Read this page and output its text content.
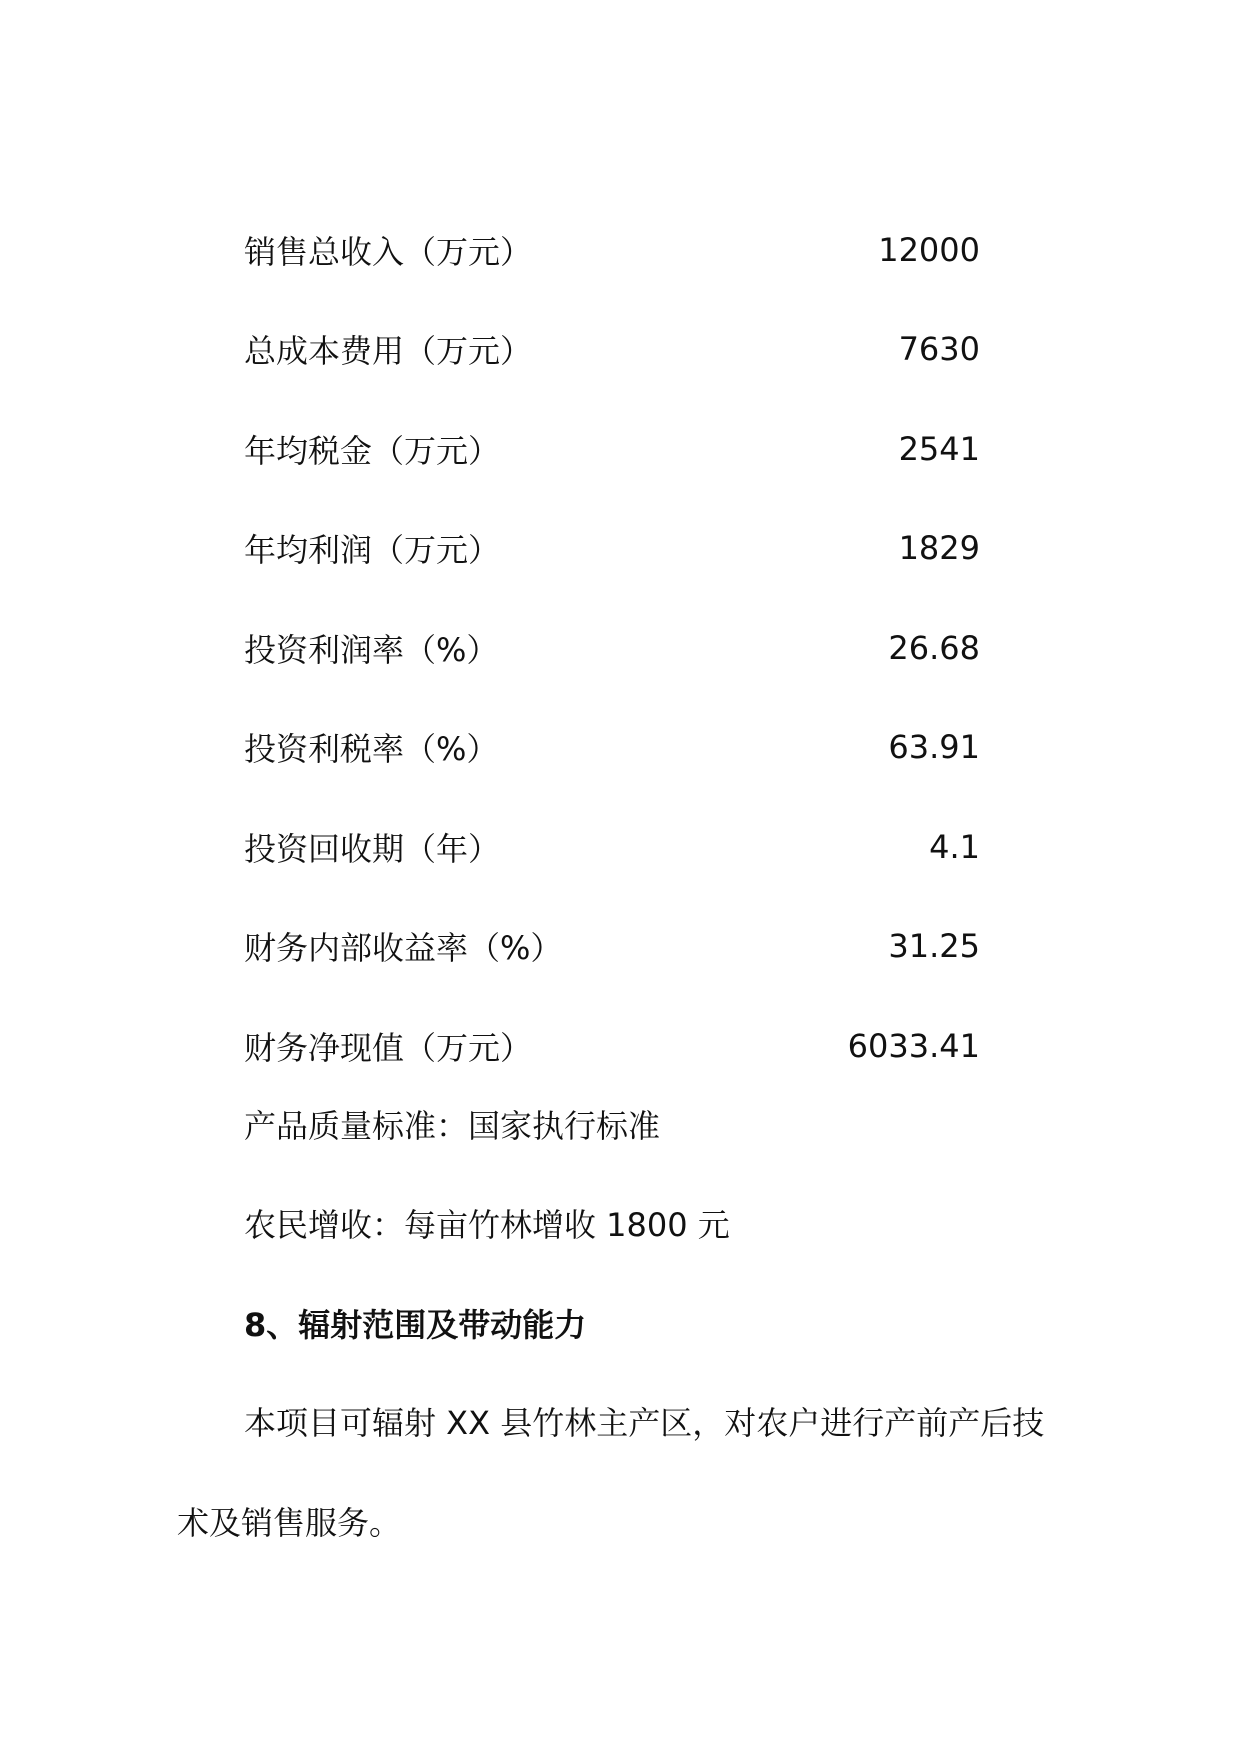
销售总收入（万元）	12000
总成本费用（万元）	7630
年均税金（万元）	2541
年均利润（万元）	1829
投资利润率（%）	26.68
投资利税率（%）	63.91
投资回收期（年）	4.1
财务内部收益率（%）	31.25
财务净现值（万元）	6033.41
产品质量标准：国家执行标准
农民增收：每亩竹林增收 1800 元
8、辐射范围及带动能力
本项目可辐射 XX 县竹林主产区，对农户进行产前产后技
术及销售服务。
